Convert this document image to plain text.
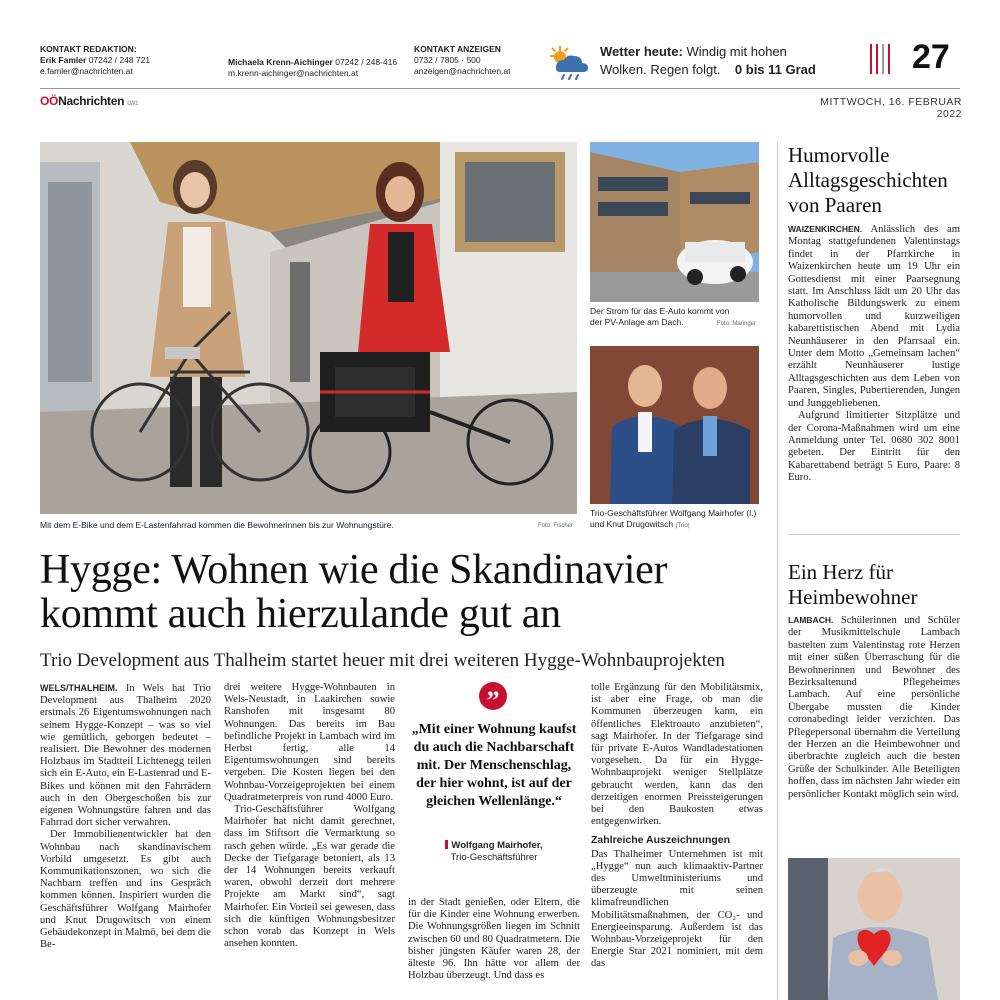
KONTAKT REDAKTION:
Erik Famler 07242 / 248 721
e.famler@nachrichten.at
Michaela Krenn-Aichinger 07242 / 248-416
m.krenn-aichinger@nachrichten.at
KONTAKT ANZEIGEN
0732 / 7805 · 500
anzeigen@nachrichten.at
Wetter heute: Windig mit hohen
Wolken. Regen folgt. 0 bis 11 Grad	27
OÖNachrichten LW1	MITTWOCH, 16. FEBRUAR 2022
Mit dem E-Bike und dem E-Lastenfahrrad kommen die Bewohnerinnen bis zur Wohnungstüre.	Foto: Fischer
Der Strom für das E-Auto kommt von der PV-Anlage am Dach.	Foto: Maringer
Trio-Geschäftsführer Wolfgang Mairhofer (l.) und Knut Drugowitsch (Trio)
Hygge: Wohnen wie die Skandinavier
kommt auch hierzulande gut an
Trio Development aus Thalheim startet heuer mit drei weiteren Hygge-Wohnbauprojekten

WELS/THALHEIM. In Wels hat Trio Development aus Thalheim 2020 erstmals 26 Eigentumswohnungen nach seinem Hygge-Konzept – was so viel wie gemütlich, geborgen bedeutet – realisiert. Die Bewohner des modernen Holzbaus im Stadtteil Lichtenegg teilen sich ein E-Auto, ein E-Lastenrad und E-Bikes und können mit den Fahrrädern auch in den Obergeschoßen bis zur eigenen Wohnungstüre fahren und das Fahrrad dort sicher verwahren.

Der Immobilienentwickler hat den Wohnbau nach skandinavischem Vorbild umgesetzt. Es gibt auch Kommunikationszonen, wo sich die Nachbarn treffen und ins Gespräch kommen können. Inspiriert wurden die Geschäftsführer Wolfgang Mairhofer und Knut Drugowitsch von einem Gebäudekonzept in Malmö, bei dem die Be-

drei weitere Hygge-Wohnbauten in Wels-Neustadt, in Laakirchen sowie Ranshofen mit insgesamt 80 Wohnungen. Das bereits im Bau befindliche Projekt in Lambach wird im Herbst fertig, alle 14 Eigentumswohnungen sind bereits vergeben. Die Kosten liegen bei den Wohnbau-Vorzeigeprojekten bei einem Quadratmeterpreis von rund 4000 Euro.

Trio-Geschäftsführer Wolfgang Mairhofer hat nicht damit gerechnet, dass im Stiftsort die Vermarktung so rasch gehen würde. „Es war gerade die Decke der Tiefgarage betoniert, als 13 der 14 Wohnungen bereits verkauft waren, obwohl derzeit dort mehrere Projekte am Markt sind“, sagt Mairhofer. Ein Vorteil sei gewesen, dass sich die künftigen Wohnungsbesitzer schon vorab das Konzept in Wels ansehen konnten.

”
„Mit einer Wohnung kaufst du auch die Nachbarschaft mit. Der Menschenschlag, der hier wohnt, ist auf der gleichen Wellenlänge.“
Wolfgang Mairhofer,
Trio-Geschäftsführer

in der Stadt genießen, oder Eltern, die für die Kinder eine Wohnung erwerben. Die Wohnungsgrößen liegen im Schnitt zwischen 60 und 80 Quadratmetern. Die bisher jüngsten Käufer waren 28, der älteste 96. Ihn hätte vor allem der Holzbau überzeugt. Und dass es

tolle Ergänzung für den Mobilitätsmix, ist aber eine Frage, ob man die Kommunen überzeugen kann, ein öffentliches Elektroauto anzubieten“, sagt Mairhofer. In der Tiefgarage sind für private E-Autos Wandladestationen vorgesehen. Da für ein Hygge-Wohnbauprojekt weniger Stellplätze gebraucht werden, kann das den derzeitigen enormen Preissteigerungen bei den Baukosten etwas entgegenwirken.

Zahlreiche Auszeichnungen

Das Thalheimer Unternehmen ist mit „Hygge“ nun auch klimaaktiv-Partner des Umweltministeriums und überzeugte mit seinen klimafreundlichen Mobilitätsmaßnahmen, der CO₂- und Energieeinsparung. Außerdem ist das Wohnbau-Vorzeigeprojekt für den Energie Star 2021 nominiert, mit dem das

Humorvolle Alltagsgeschichten von Paaren

WAIZENKIRCHEN. Anlässlich des am Montag stattgefundenen Valentinstags findet in der Pfarrkirche in Waizenkirchen heute um 19 Uhr ein Gottesdienst mit einer Paarsegnung statt. Im Anschluss lädt um 20 Uhr das Katholische Bildungswerk zu einem humorvollen und kurzweiligen kabarettistischen Abend mit Lydia Neunhäuserer in den Pfarrsaal ein. Unter dem Motto „Gemeinsam lachen“ erzählt Neunhäuserer lustige Alltagsgeschichten aus dem Leben von Paaren, Singles, Pubertierenden, Jungen und Junggebliebenen.

Aufgrund limitierter Sitzplätze und der Corona-Maßnahmen wird um eine Anmeldung unter Tel. 0680 302 8001 gebeten. Der Eintritt für den Kabarettabend beträgt 5 Euro, Paare: 8 Euro.

Ein Herz für Heimbewohner

LAMBACH. Schülerinnen und Schüler der Musikmittelschule Lambach bastelten zum Valentinstag rote Herzen mit einer süßen Überraschung für die Bewohnerinnen und Bewohner des Bezirksaltenund Pflegeheimes Lambach. Auf eine persönliche Übergabe mussten die Kinder coronabedingt leider verzichten. Das Pflegepersonal übernahm die Verteilung der Herzen an die Heimbewohner und überbrachte zugleich auch die besten Grüße der Schulkinder. Alle Beteiligten hoffen, dass im nächsten Jahr wieder ein persönlicher Kontakt möglich sein wird.
